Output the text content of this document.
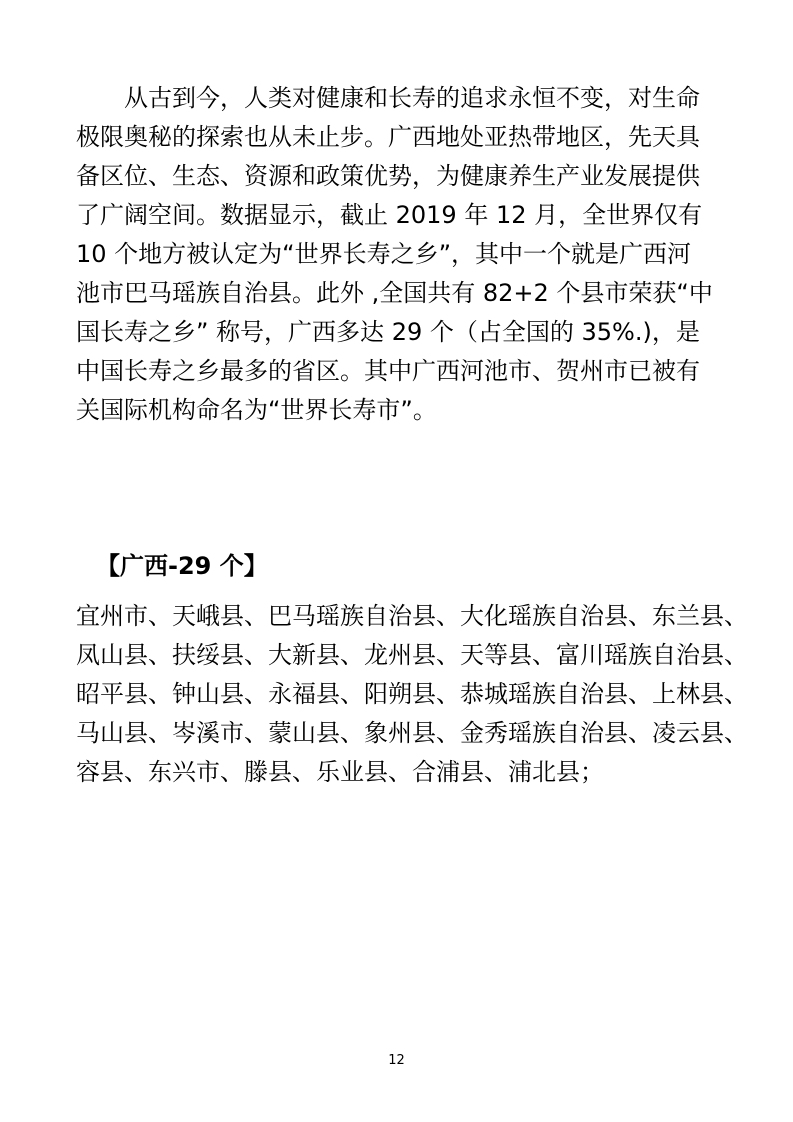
　　从古到今，人类对健康和长寿的追求永恒不变，对生命
极限奥秘的探索也从未止步。广西地处亚热带地区，先天具
备区位、生态、资源和政策优势，为健康养生产业发展提供
了广阔空间。数据显示，截止 2019 年 12 月，全世界仅有
10 个地方被认定为“世界长寿之乡”，其中一个就是广西河
池市巴马瑶族自治县。此外 ,全国共有 82+2 个县市荣获“中
国长寿之乡” 称号，广西多达 29 个（占全国的 35%.)，是
中国长寿之乡最多的省区。其中广西河池市、贺州市已被有
关国际机构命名为“世界长寿市”。
【广西-29 个】
宜州市、天峨县、巴马瑶族自治县、大化瑶族自治县、东兰县、
凤山县、扶绥县、大新县、龙州县、天等县、富川瑶族自治县、
昭平县、钟山县、永福县、阳朔县、恭城瑶族自治县、上林县、
马山县、岑溪市、蒙山县、象州县、金秀瑶族自治县、凌云县、
容县、东兴市、滕县、乐业县、合浦县、浦北县；
12
